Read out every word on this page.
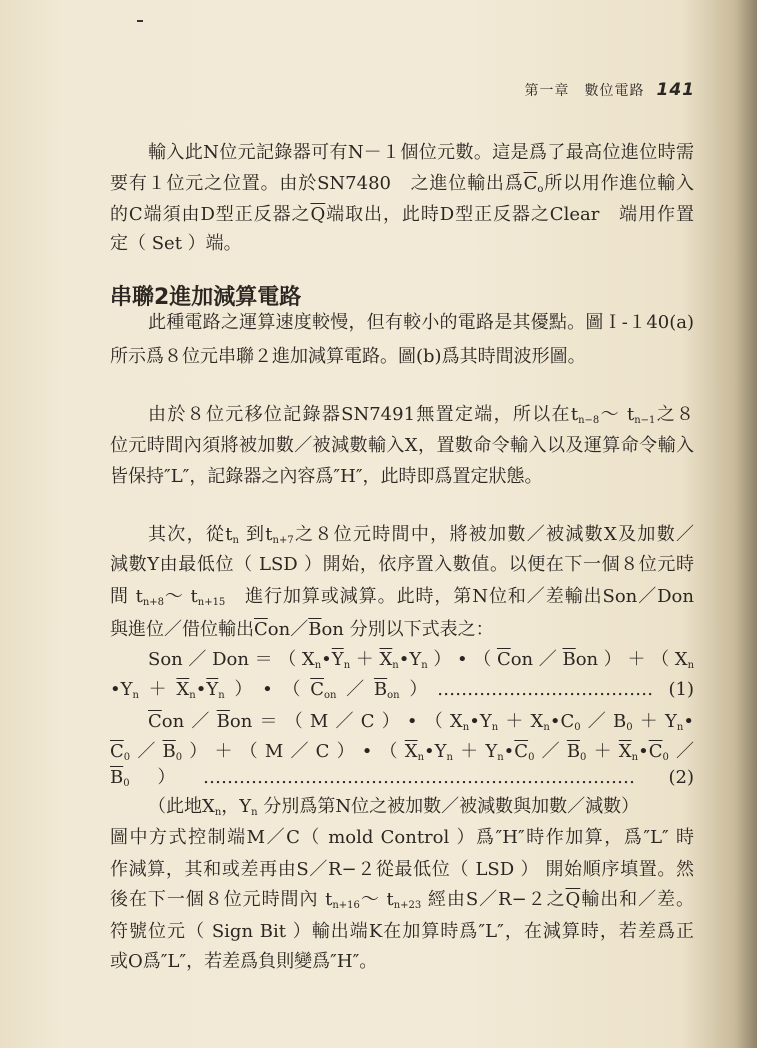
第一章　數位電路 141
串聯2進加減算電路
輸入此N位元記錄器可有N－１個位元數。這是爲了最高位進位時需
要有１位元之位置。由於SN7480　之進位輸出爲$\overline{C}_o$所以用作進位輸入
的C端須由D型正反器之$\overline{Q}$端取出，此時D型正反器之Clear　端用作置
定（ Set ）端。
此種電路之運算速度較慢，但有較小的電路是其優點。圖Ｉ-１40(a)
所示爲８位元串聯２進加減算電路。圖(b)爲其時間波形圖。
由於８位元移位記錄器SN7491無置定端，所以在$t_{n-8}\sim$ $t_{n-1}$之８
位元時間內須將被加數／被減數輸入X，置數命令輸入以及運算命令輸入
皆保持″L″，記錄器之內容爲″H″，此時即爲置定狀態。
其次，從$t_n$ 到$t_{n+7}$之８位元時間中，將被加數／被減數X及加數／
減數Y由最低位（ LSD ）開始，依序置入數值。以便在下一個８位元時
間 $t_{n+8}\sim$ $t_{n+15}$　進行加算或減算。此時，第N位和／差輸出Son／Don
與進位／借位輸出$\overline{C}on/\overline{B}on$ 分別以下式表之：
$Son/Don=(X_n•\overline{Y}_n+\overline{X}_n•Y_n)•(\overline{C}on/\overline{B}on)+(X_n$
$•Y_n+\overline{X}_n•\overline{Y}_n)•(\overline{C}_{on}/\overline{B}_{on})\dots\dots\dots\dots\dots\dots\dots\dots\dots\dots\dots\dots$ (1)
$\overline{C}on/\overline{B}on=(M/C)•(X_n•Y_n+X_n•C_0/B_0+Y_n•$
$\overline{C}_0/\overline{B}_0)+(M/C)•(\overline{X}_n•Y_n+Y_n•\overline{C}_0/\overline{B}_0+\overline{X}_n•\overline{C}_0/$
$\overline{B}_0)\dots\dots\dots\dots\dots\dots\dots\dots\dots\dots\dots\dots\dots\dots\dots\dots\dots\dots\dots\dots\dots\dots\dots\dots$ (2)
（此地$X_n$，$Y_n$ 分別爲第N位之被加數／被減數與加數／減數）
圖中方式控制端M／C（ mold Control ）爲″H″時作加算，爲″L″ 時
作減算，其和或差再由S／R−２從最低位（ LSD ） 開始順序填置。然
後在下一個８位元時間內 $t_{n+16}\sim$ $t_{n+23}$ 經由S／R−２之$\overline{Q}$輸出和／差。
符號位元（ Sign Bit ）輸出端K在加算時爲″L″，在減算時，若差爲正
或O爲″L″，若差爲負則變爲″H″。
